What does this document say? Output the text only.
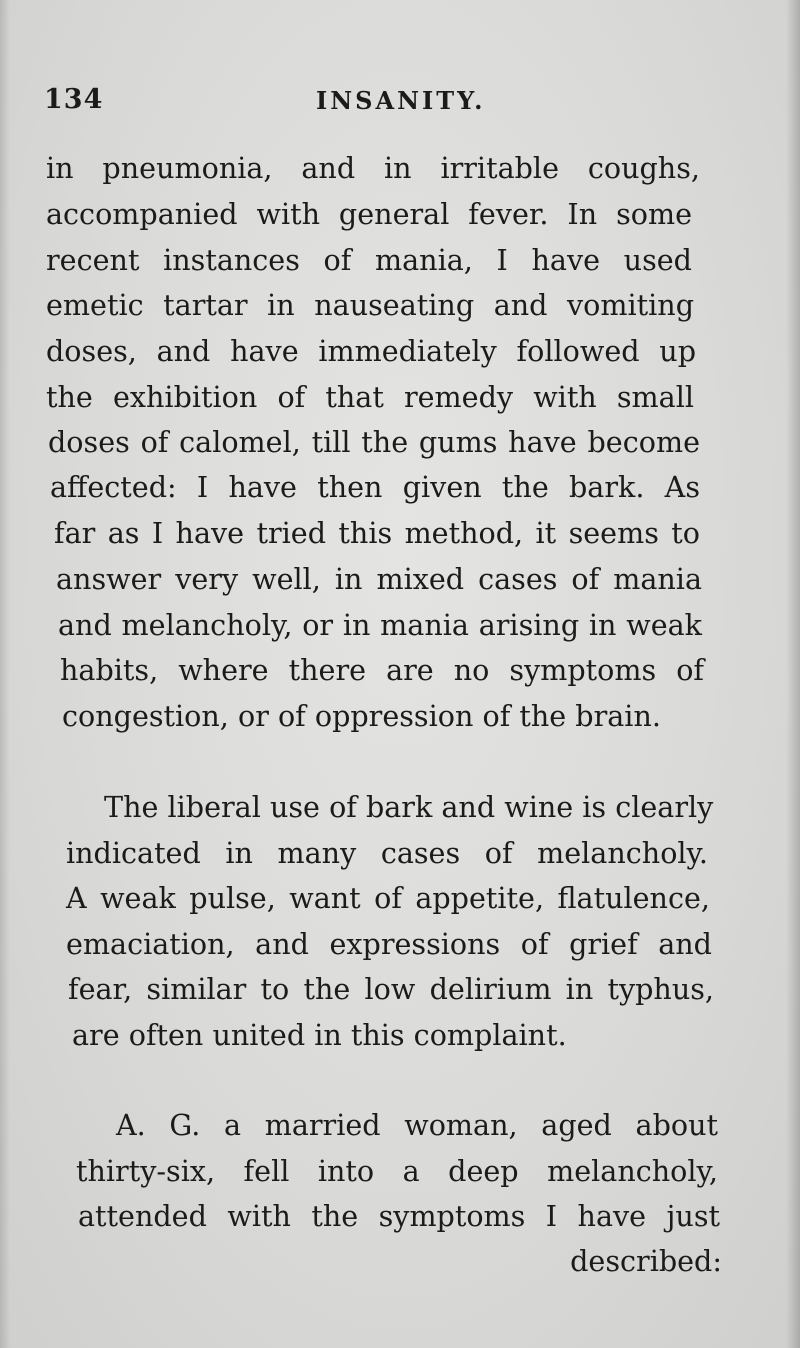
134	INSANITY.
in pneumonia, and in irritable coughs,
accompanied with general fever. In some
recent instances of mania, I have used
emetic tartar in nauseating and vomiting
doses, and have immediately followed up
the exhibition of that remedy with small
doses of calomel, till the gums have become
affected: I have then given the bark. As
far as I have tried this method, it seems to
answer very well, in mixed cases of mania
and melancholy, or in mania arising in weak
habits, where there are no symptoms of
congestion, or of oppression of the brain.
The liberal use of bark and wine is clearly
indicated in many cases of melancholy.
A weak pulse, want of appetite, flatulence,
emaciation, and expressions of grief and
fear, similar to the low delirium in typhus,
are often united in this complaint.
A. G. a married woman, aged about
thirty-six, fell into a deep melancholy,
attended with the symptoms I have just
described:
